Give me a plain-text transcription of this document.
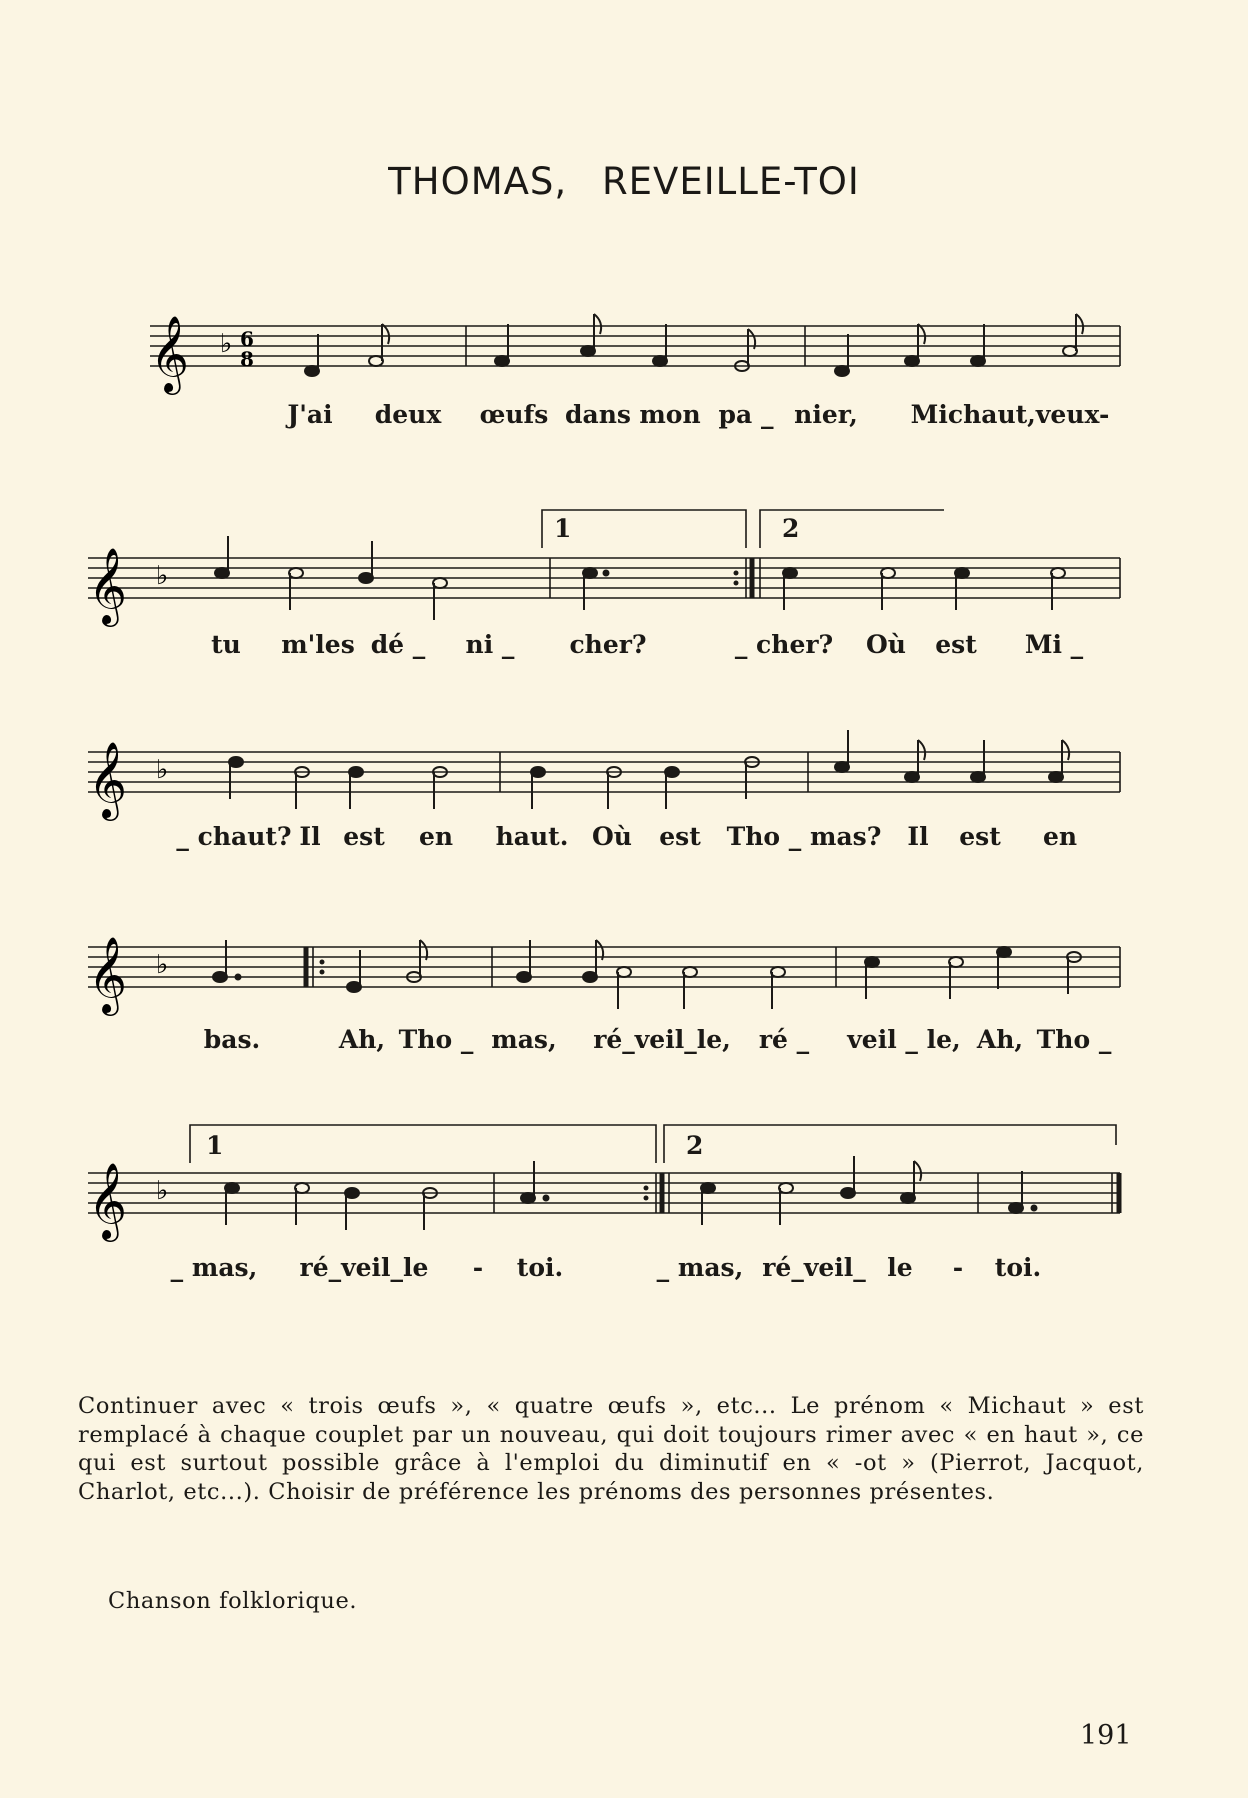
THOMAS, REVEILLE-TOI
𝄞 ♭ 6
8
J'ai deux œufs dans mon pa _ nier, Michaut,veux-
𝄞 ♭
1	2
tu m'les dé _ ni _ cher?	_ cher? Où est Mi _
𝄞 ♭
_ chaut? Il est en haut. Où est Tho _ mas? Il est en
𝄞 ♭
bas.	Ah, Tho _ mas, ré_veil_le, ré _ veil _ le, Ah, Tho _
𝄞 ♭
1	2
_ mas, ré_veil_le - toi.	_ mas, ré_veil_ le - toi.

Continuer avec « trois œufs », « quatre œufs », etc... Le prénom « Michaut » est remplacé à chaque couplet par un nouveau, qui doit toujours rimer avec « en haut », ce qui est surtout possible grâce à l'emploi du diminutif en « -ot » (Pierrot, Jacquot, Charlot, etc...). Choisir de préférence les prénoms des personnes présentes.

Chanson folklorique.
191
